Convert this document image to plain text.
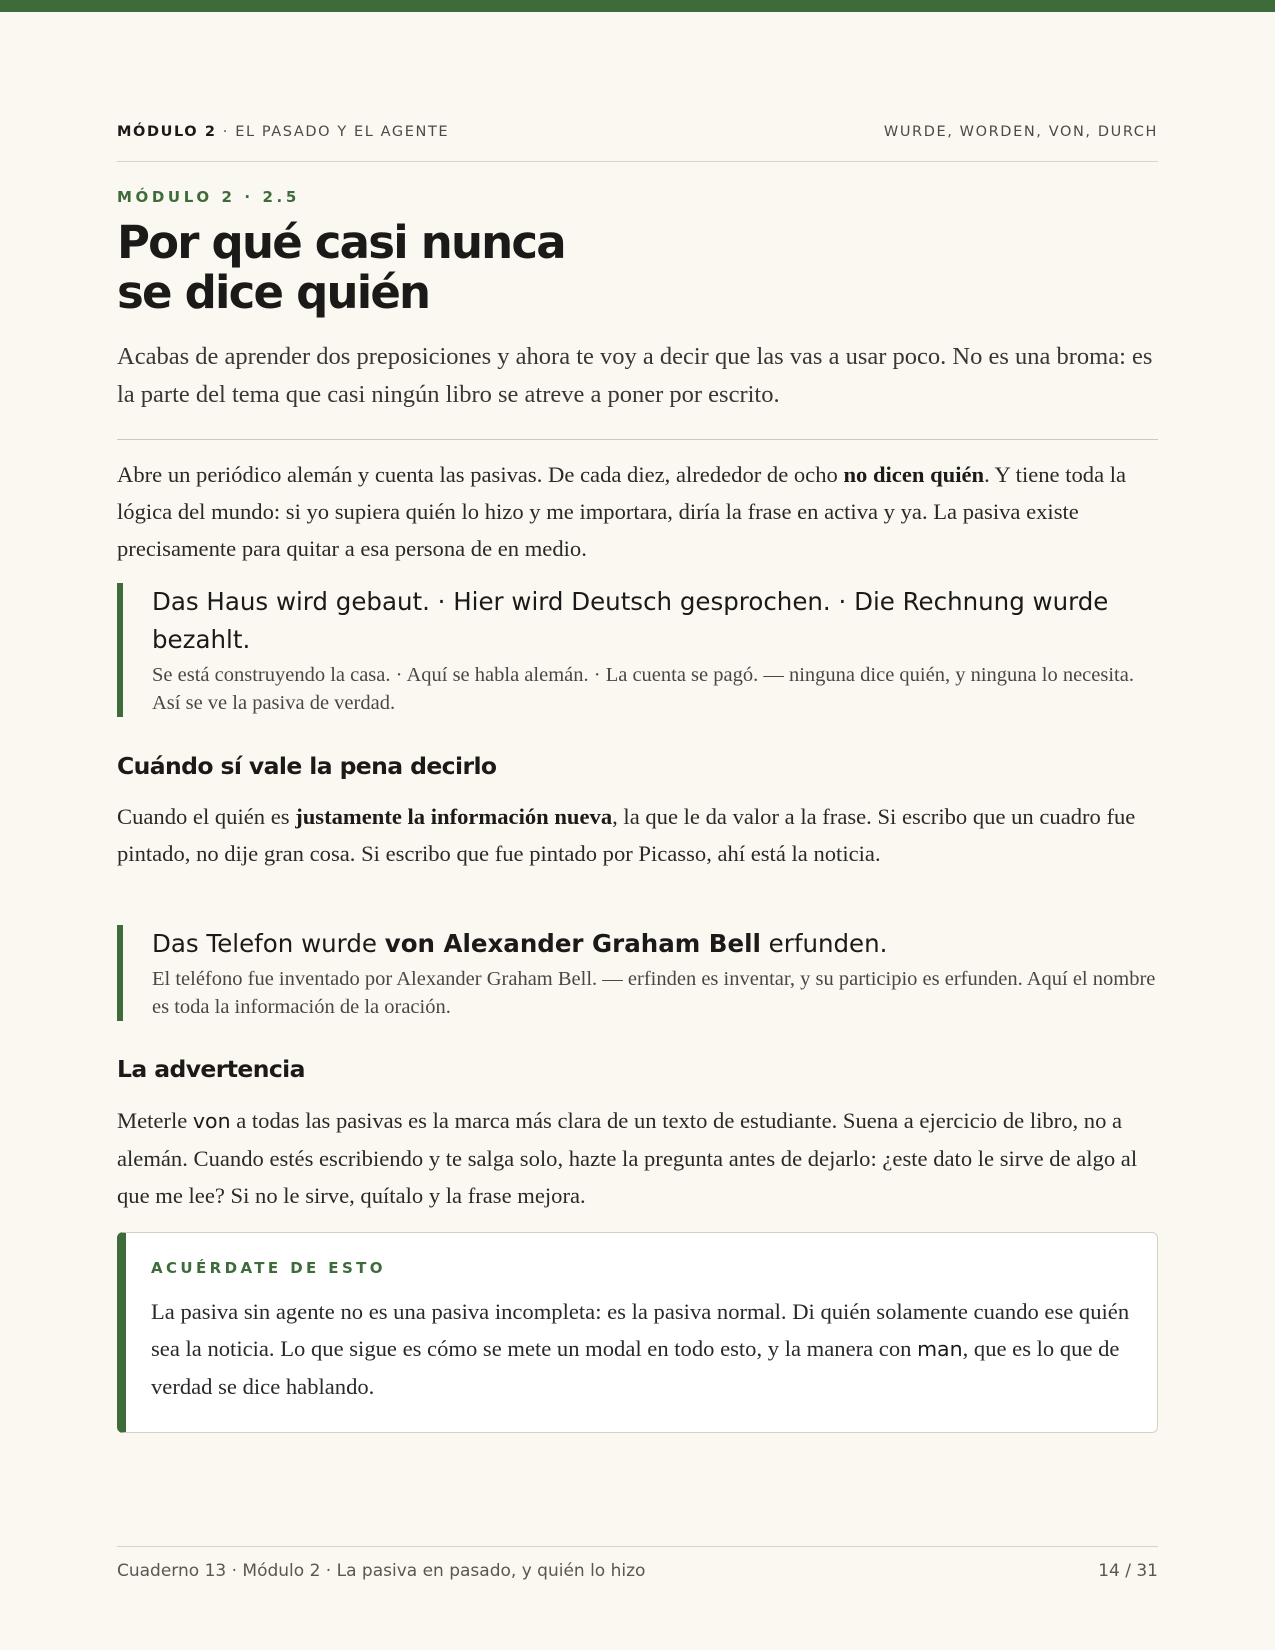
MÓDULO 2 · EL PASADO Y EL AGENTE	WURDE, WORDEN, VON, DURCH
MÓDULO 2 · 2.5
Por qué casi nunca
se dice quién

Acabas de aprender dos preposiciones y ahora te voy a decir que las vas a usar poco. No es una broma: es la parte del tema que casi ningún libro se atreve a poner por escrito.

Abre un periódico alemán y cuenta las pasivas. De cada diez, alrededor de ocho no dicen quién. Y tiene toda la lógica del mundo: si yo supiera quién lo hizo y me importara, diría la frase en activa y ya. La pasiva existe precisamente para quitar a esa persona de en medio.

Das Haus wird gebaut. · Hier wird Deutsch gesprochen. · Die Rechnung wurde bezahlt.
Se está construyendo la casa. · Aquí se habla alemán. · La cuenta se pagó. — ninguna dice quién, y ninguna lo necesita. Así se ve la pasiva de verdad.
Cuándo sí vale la pena decirlo

Cuando el quién es justamente la información nueva, la que le da valor a la frase. Si escribo que un cuadro fue pintado, no dije gran cosa. Si escribo que fue pintado por Picasso, ahí está la noticia.

Das Telefon wurde von Alexander Graham Bell erfunden.
El teléfono fue inventado por Alexander Graham Bell. — erfinden es inventar, y su participio es erfunden. Aquí el nombre es toda la información de la oración.
La advertencia

Meterle von a todas las pasivas es la marca más clara de un texto de estudiante. Suena a ejercicio de libro, no a alemán. Cuando estés escribiendo y te salga solo, hazte la pregunta antes de dejarlo: ¿este dato le sirve de algo al que me lee? Si no le sirve, quítalo y la frase mejora.

ACUÉRDATE DE ESTO

La pasiva sin agente no es una pasiva incompleta: es la pasiva normal. Di quién solamente cuando ese quién sea la noticia. Lo que sigue es cómo se mete un modal en todo esto, y la manera con man, que es lo que de verdad se dice hablando.

Cuaderno 13 · Módulo 2 · La pasiva en pasado, y quién lo hizo	14 / 31
